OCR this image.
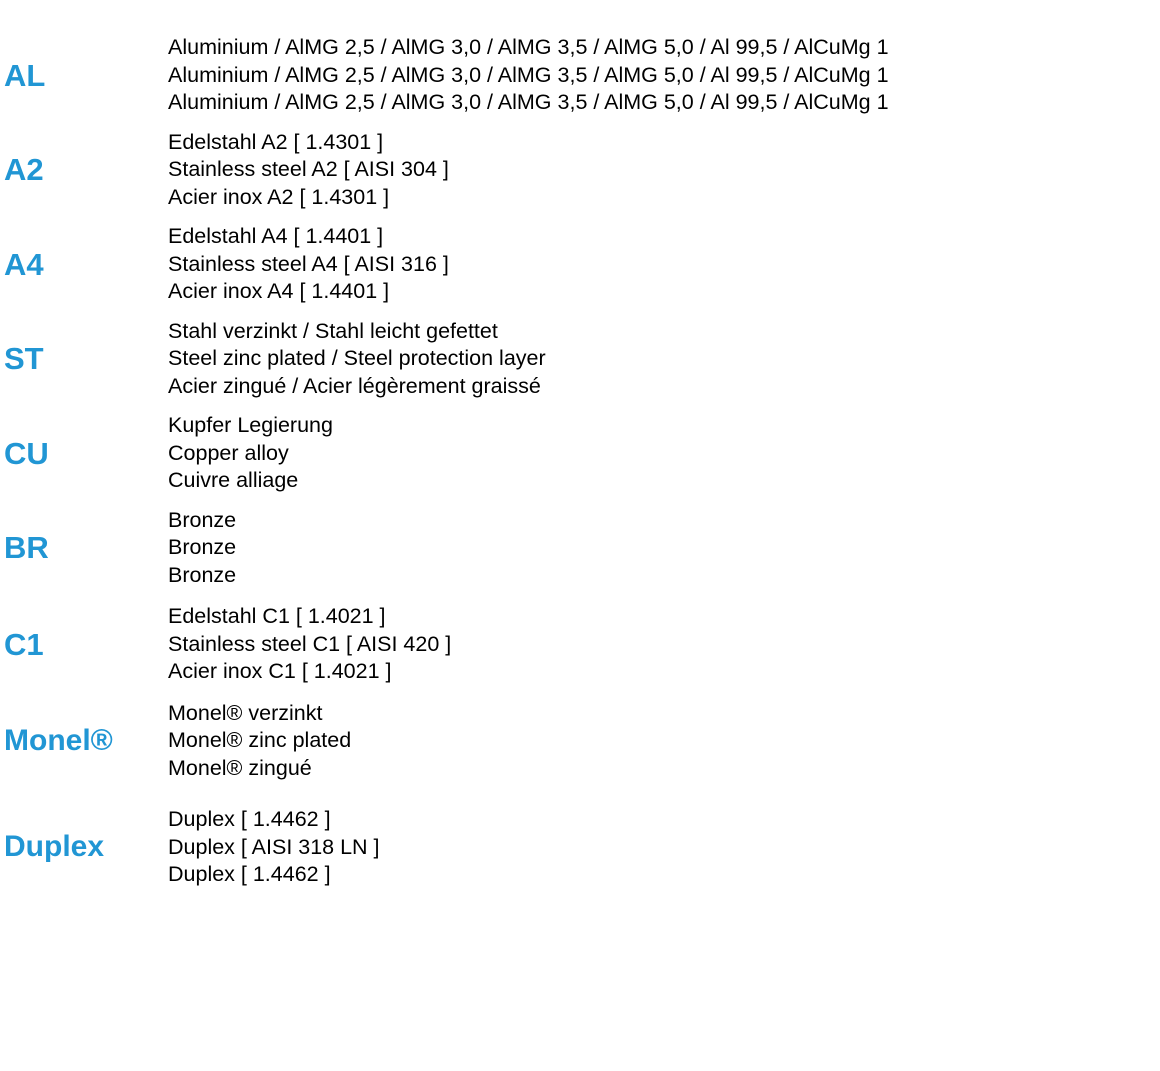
AL
Aluminium / AlMG 2,5 / AlMG 3,0 / AlMG 3,5 / AlMG 5,0 / Al 99,5 / AlCuMg 1
Aluminium / AlMG 2,5 / AlMG 3,0 / AlMG 3,5 / AlMG 5,0 / Al 99,5 / AlCuMg 1
Aluminium / AlMG 2,5 / AlMG 3,0 / AlMG 3,5 / AlMG 5,0 / Al 99,5 / AlCuMg 1
A2
Edelstahl A2 [ 1.4301 ]
Stainless steel A2 [ AISI 304 ]
Acier inox A2 [ 1.4301 ]
A4
Edelstahl A4 [ 1.4401 ]
Stainless steel A4 [ AISI 316 ]
Acier inox A4 [ 1.4401 ]
ST
Stahl verzinkt / Stahl leicht gefettet
Steel zinc plated / Steel protection layer
Acier zingué / Acier légèrement graissé
CU
Kupfer Legierung
Copper alloy
Cuivre alliage
BR
Bronze
Bronze
Bronze
C1
Edelstahl C1 [ 1.4021 ]
Stainless steel C1 [ AISI 420 ]
Acier inox C1 [ 1.4021 ]
Monel®
Monel® verzinkt
Monel® zinc plated
Monel® zingué
Duplex
Duplex [ 1.4462 ]
Duplex [ AISI 318 LN ]
Duplex [ 1.4462 ]
